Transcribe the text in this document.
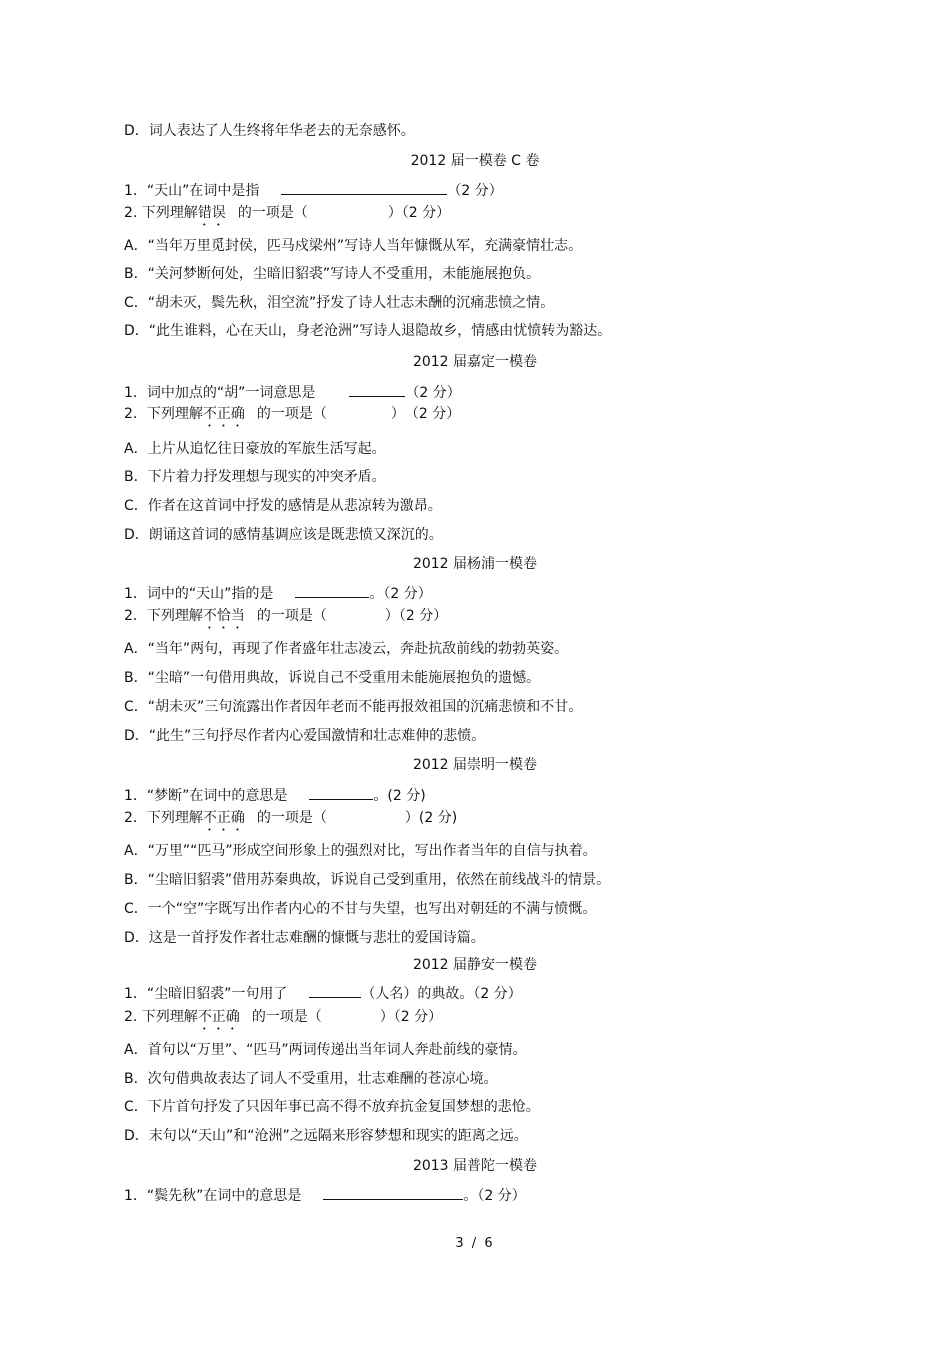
D．词人表达了人生终将年华老去的无奈感怀。
2012 届一模卷 C 卷
1．“天山”在词中是指	（2 分）
2. 下列理解错误 的一项是（	）（2 分）
A．“当年万里觅封侯，匹马戍梁州”写诗人当年慷慨从军，充满豪情壮志。
B．“关河梦断何处，尘暗旧貂裘”写诗人不受重用，未能施展抱负。
C．“胡未灭，鬓先秋，泪空流”抒发了诗人壮志未酬的沉痛悲愤之情。
D．“此生谁料，心在天山，身老沧洲”写诗人退隐故乡，情感由忧愤转为豁达。
2012 届嘉定一模卷
1．词中加点的“胡”一词意思是	（2 分）
2．下列理解不正确 的一项是（	）　（2 分）
A．上片从追忆往日豪放的军旅生活写起。
B．下片着力抒发理想与现实的冲突矛盾。
C．作者在这首词中抒发的感情是从悲凉转为激昂。
D．朗诵这首词的感情基调应该是既悲愤又深沉的。
2012 届杨浦一模卷
1．词中的“天山”指的是	。（2 分）
2．下列理解不恰当 的一项是（	）（2 分）
A．“当年”两句，再现了作者盛年壮志凌云，奔赴抗敌前线的勃勃英姿。
B．“尘暗”一句借用典故，诉说自己不受重用未能施展抱负的遗憾。
C．“胡未灭”三句流露出作者因年老而不能再报效祖国的沉痛悲愤和不甘。
D．“此生”三句抒尽作者内心爱国激情和壮志难伸的悲愤。
2012 届崇明一模卷
1．“梦断”在词中的意思是	。(2 分)
2．下列理解不正确 的一项是（	）(2 分)
A．“万里”“匹马”形成空间形象上的强烈对比，写出作者当年的自信与执着。
B．“尘暗旧貂裘”借用苏秦典故，诉说自己受到重用，依然在前线战斗的情景。
C．一个“空”字既写出作者内心的不甘与失望，也写出对朝廷的不满与愤慨。
D．这是一首抒发作者壮志难酬的慷慨与悲壮的爱国诗篇。
2012 届静安一模卷
1．“尘暗旧貂裘”一句用了	（人名）的典故。（2 分）
2. 下列理解不正确 的一项是（	）（2 分）
A．首句以“万里”、“匹马”两词传递出当年词人奔赴前线的豪情。
B．次句借典故表达了词人不受重用，壮志难酬的苍凉心境。
C．下片首句抒发了只因年事已高不得不放弃抗金复国梦想的悲怆。
D．末句以“天山”和“沧洲”之远隔来形容梦想和现实的距离之远。
2013 届普陀一模卷
1．“鬓先秋”在词中的意思是	。（2 分）
3 / 6
